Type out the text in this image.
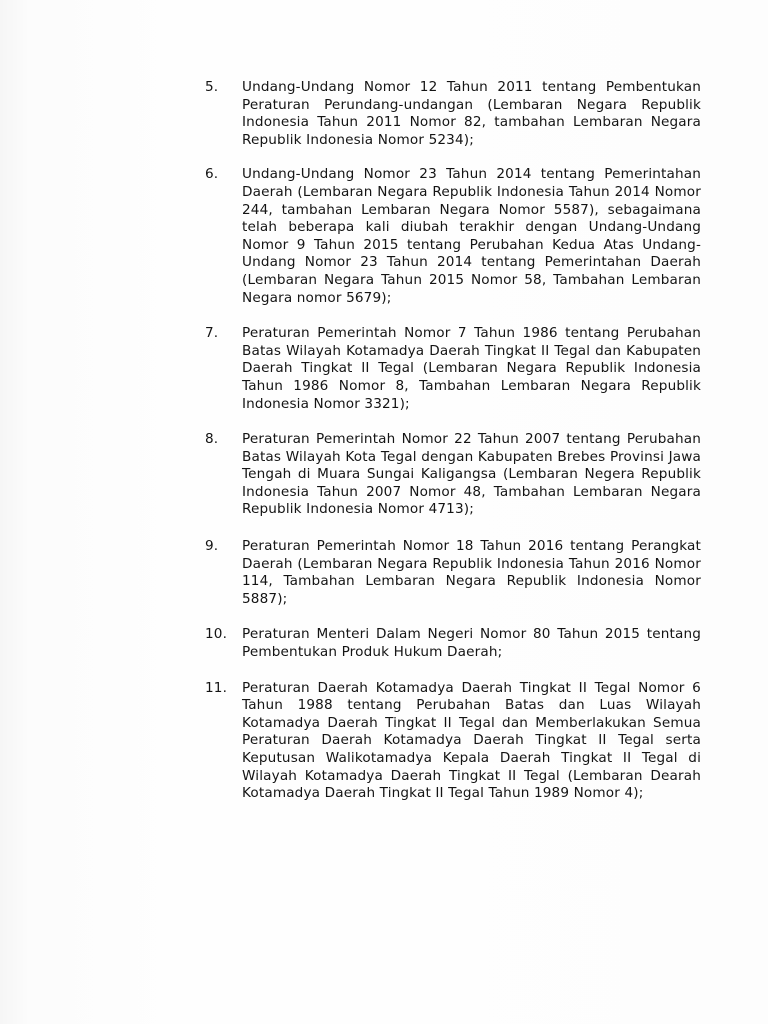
5.	Undang-Undang Nomor 12 Tahun 2011 tentang Pembentukan Peraturan Perundang-undangan (Lembaran Negara Republik Indonesia Tahun 2011 Nomor 82, tambahan Lembaran Negara Republik Indonesia Nomor 5234);
6.	Undang-Undang Nomor 23 Tahun 2014 tentang Pemerintahan Daerah (Lembaran Negara Republik Indonesia Tahun 2014 Nomor 244, tambahan Lembaran Negara Nomor 5587), sebagaimana telah beberapa kali diubah terakhir dengan Undang-Undang Nomor 9 Tahun 2015 tentang Perubahan Kedua Atas Undang-Undang Nomor 23 Tahun 2014 tentang Pemerintahan Daerah (Lembaran Negara Tahun 2015 Nomor 58, Tambahan Lembaran Negara nomor 5679);
7.	Peraturan Pemerintah Nomor 7 Tahun 1986 tentang Perubahan Batas Wilayah Kotamadya Daerah Tingkat II Tegal dan Kabupaten Daerah Tingkat II Tegal (Lembaran Negara Republik Indonesia Tahun 1986 Nomor 8, Tambahan Lembaran Negara Republik Indonesia Nomor 3321);
8.	Peraturan Pemerintah Nomor 22 Tahun 2007 tentang Perubahan Batas Wilayah Kota Tegal dengan Kabupaten Brebes Provinsi Jawa Tengah di Muara Sungai Kaligangsa (Lembaran Negera Republik Indonesia Tahun 2007 Nomor 48, Tambahan Lembaran Negara Republik Indonesia Nomor 4713);
9.	Peraturan Pemerintah Nomor 18 Tahun 2016 tentang Perangkat Daerah (Lembaran Negara Republik Indonesia Tahun 2016 Nomor 114, Tambahan Lembaran Negara Republik Indonesia Nomor 5887);
10.	Peraturan Menteri Dalam Negeri Nomor 80 Tahun 2015 tentang Pembentukan Produk Hukum Daerah;
11.	Peraturan Daerah Kotamadya Daerah Tingkat II Tegal Nomor 6 Tahun 1988 tentang Perubahan Batas dan Luas Wilayah Kotamadya Daerah Tingkat II Tegal dan Memberlakukan Semua Peraturan Daerah Kotamadya Daerah Tingkat II Tegal serta Keputusan Walikotamadya Kepala Daerah Tingkat II Tegal di Wilayah Kotamadya Daerah Tingkat II Tegal (Lembaran Dearah Kotamadya Daerah Tingkat II Tegal Tahun 1989 Nomor 4);
